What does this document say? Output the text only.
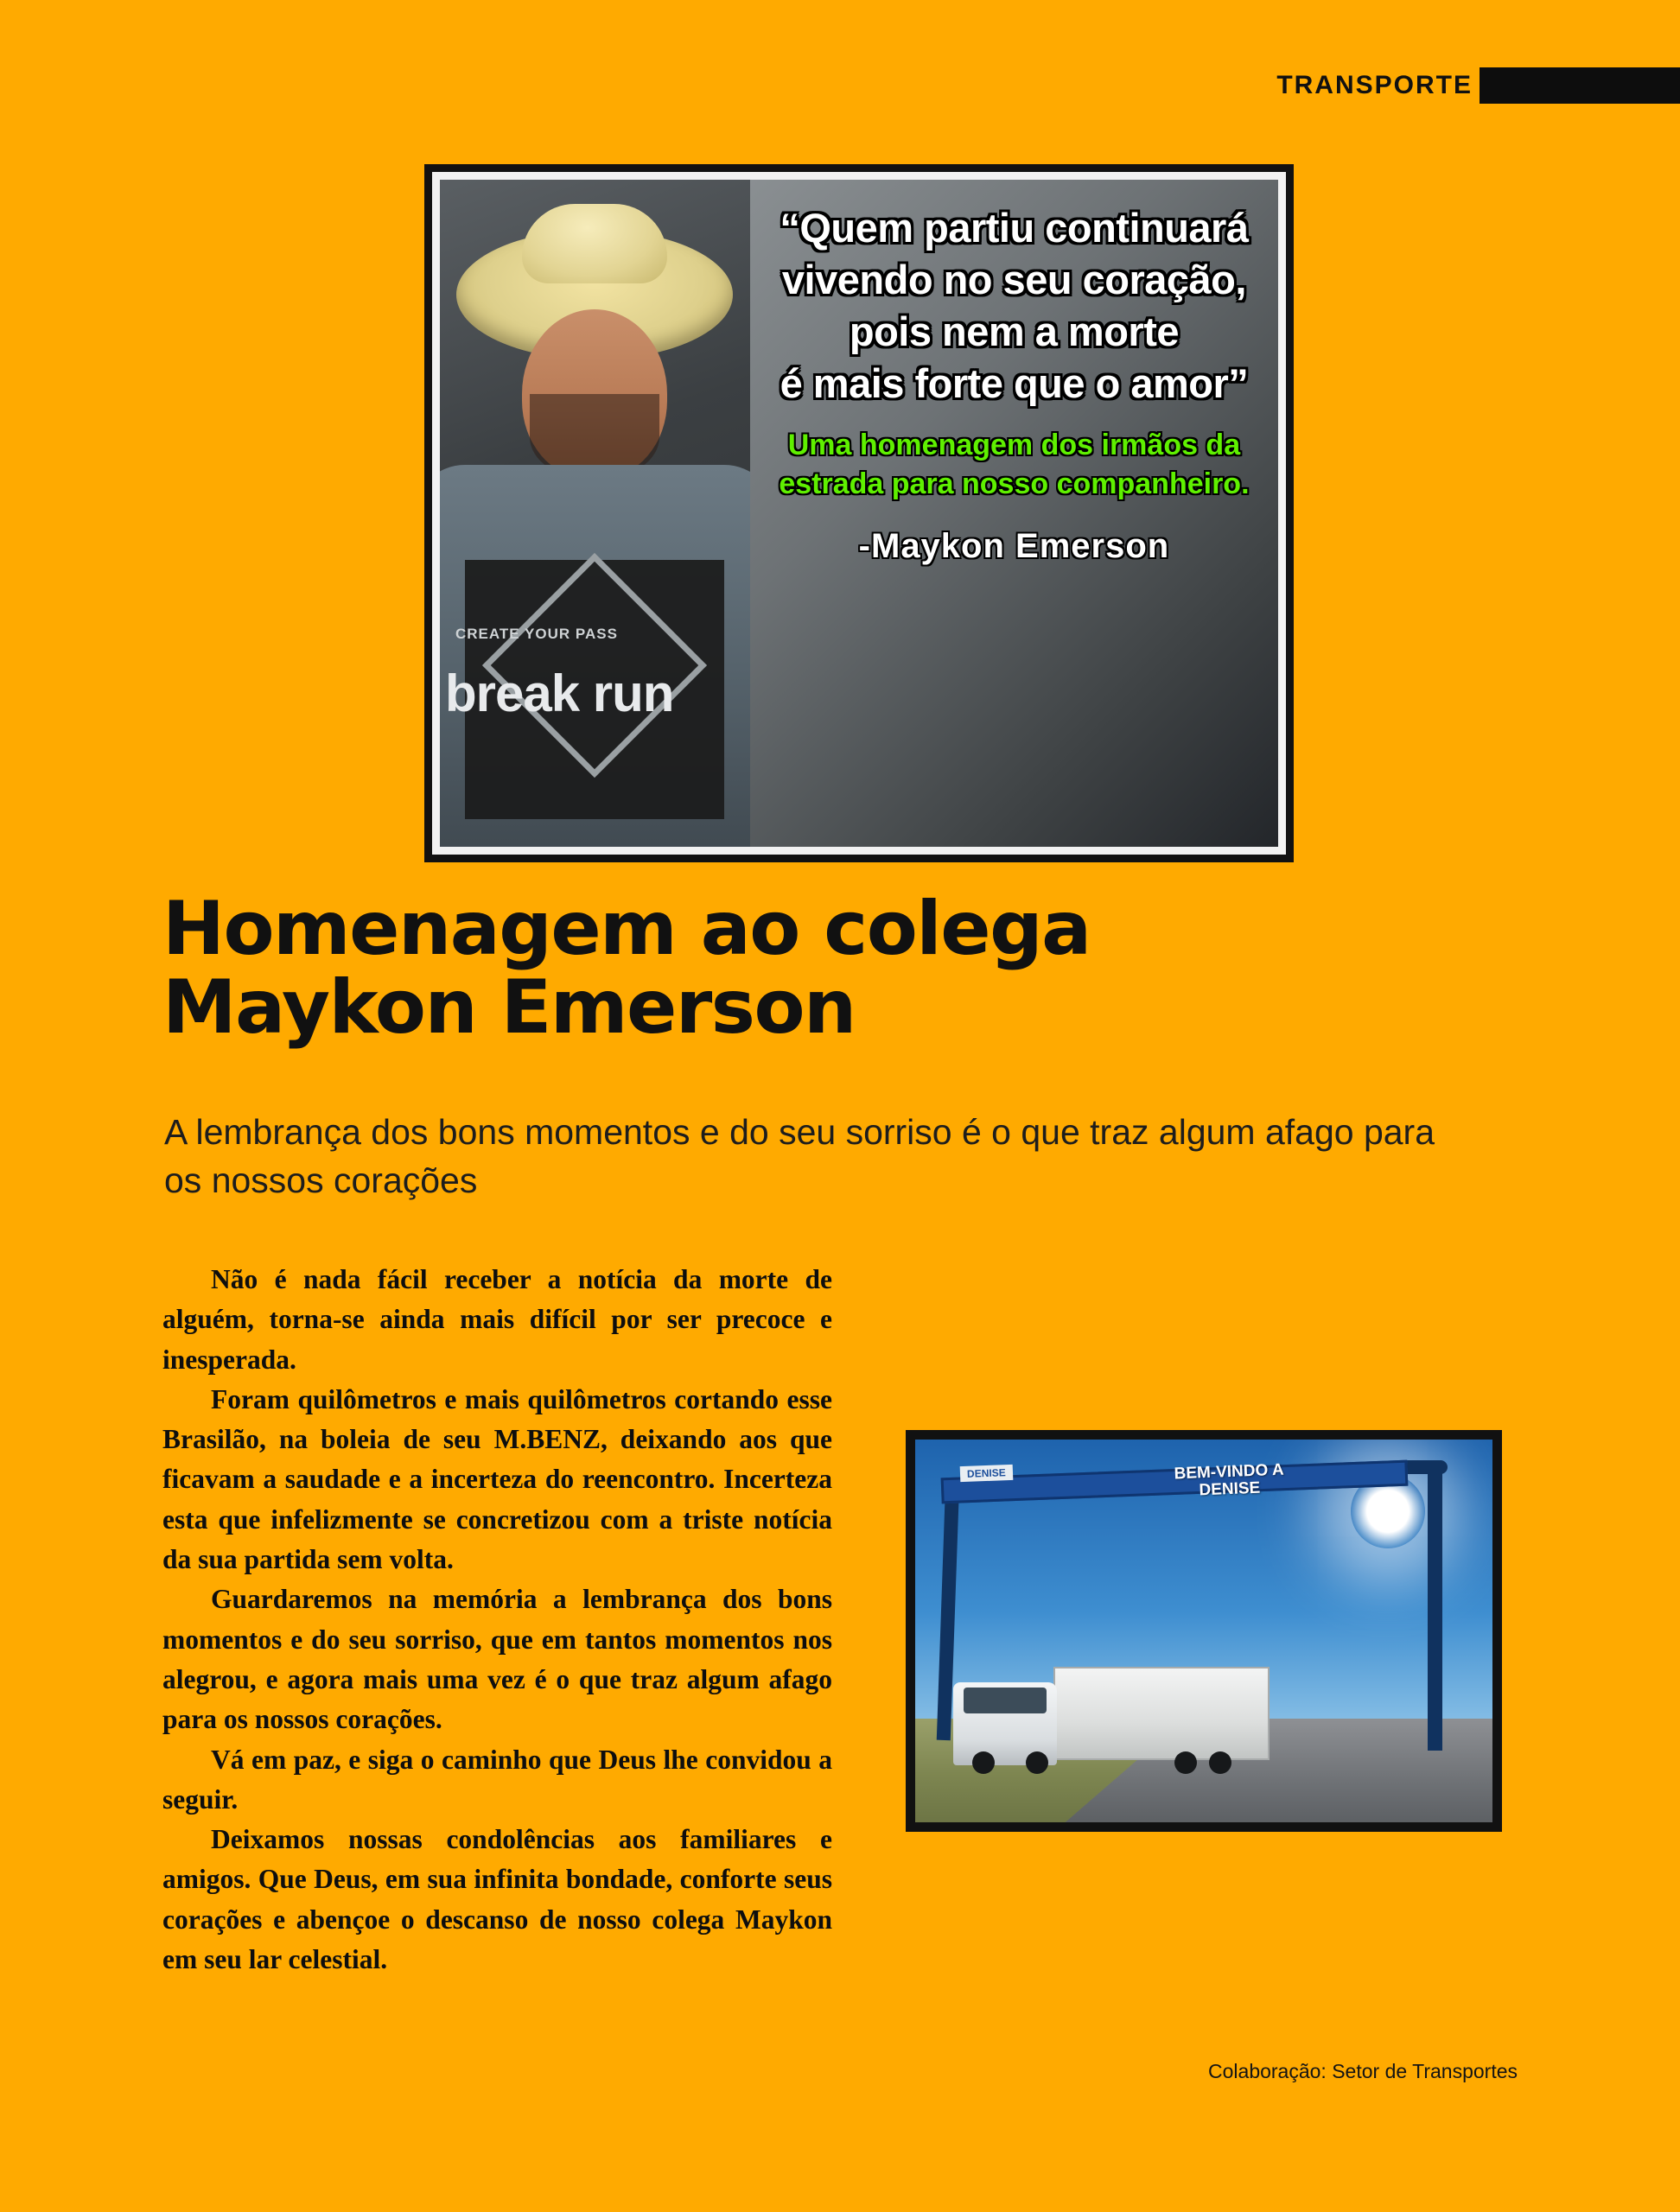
TRANSPORTE
CREATE YOUR PASS
break run
“Quem partiu continuará
vivendo no seu coração,
pois nem a morte
é mais forte que o amor”
Uma homenagem dos irmãos da
estrada para nosso companheiro.
-Maykon Emerson
Homenagem ao colega
Maykon Emerson
A lembrança dos bons momentos e do seu sorriso é o que traz algum afago para os nossos corações

Não é nada fácil receber a notícia da morte de alguém, torna-se ainda mais difícil por ser precoce e inesperada.

Foram quilômetros e mais quilômetros cortando esse Brasilão, na boleia de seu M.BENZ, deixando aos que ficavam a saudade e a incerteza do reencontro. Incerteza esta que infelizmente se concretizou com a triste notícia da sua partida sem volta.

Guardaremos na memória a lembrança dos bons momentos e do seu sorriso, que em tantos momentos nos alegrou, e agora mais uma vez é o que traz algum afago para os nossos corações.

Vá em paz, e siga o caminho que Deus lhe convidou a seguir.

Deixamos nossas condolências aos familiares e amigos. Que Deus, em sua infinita bondade, conforte seus corações e abençoe o descanso de nosso colega Maykon em seu lar celestial.

DENISE	BEM-VINDO A
DENISE
Colaboração: Setor de Transportes
